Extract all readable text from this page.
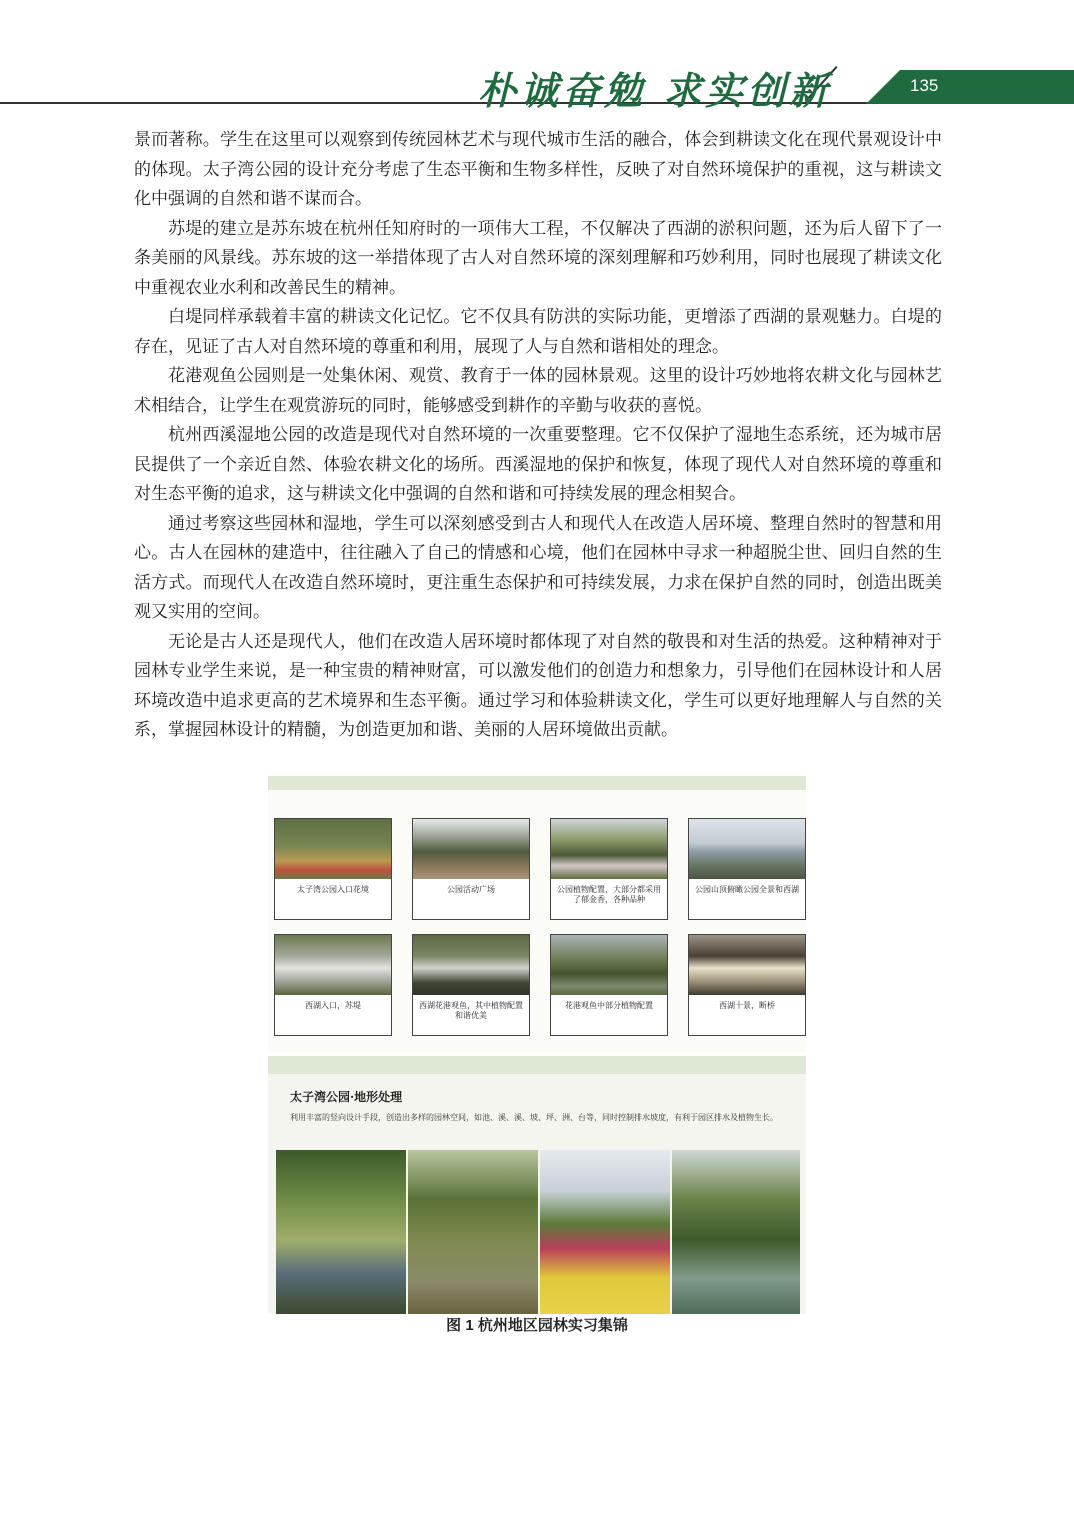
朴诚奋勉 求实创新	135

景而著称。学生在这里可以观察到传统园林艺术与现代城市生活的融合，体会到耕读文化在现代景观设计中的体现。太子湾公园的设计充分考虑了生态平衡和生物多样性，反映了对自然环境保护的重视，这与耕读文化中强调的自然和谐不谋而合。

苏堤的建立是苏东坡在杭州任知府时的一项伟大工程，不仅解决了西湖的淤积问题，还为后人留下了一条美丽的风景线。苏东坡的这一举措体现了古人对自然环境的深刻理解和巧妙利用，同时也展现了耕读文化中重视农业水利和改善民生的精神。

白堤同样承载着丰富的耕读文化记忆。它不仅具有防洪的实际功能，更增添了西湖的景观魅力。白堤的存在，见证了古人对自然环境的尊重和利用，展现了人与自然和谐相处的理念。

花港观鱼公园则是一处集休闲、观赏、教育于一体的园林景观。这里的设计巧妙地将农耕文化与园林艺术相结合，让学生在观赏游玩的同时，能够感受到耕作的辛勤与收获的喜悦。

杭州西溪湿地公园的改造是现代对自然环境的一次重要整理。它不仅保护了湿地生态系统，还为城市居民提供了一个亲近自然、体验农耕文化的场所。西溪湿地的保护和恢复，体现了现代人对自然环境的尊重和对生态平衡的追求，这与耕读文化中强调的自然和谐和可持续发展的理念相契合。

通过考察这些园林和湿地，学生可以深刻感受到古人和现代人在改造人居环境、整理自然时的智慧和用心。古人在园林的建造中，往往融入了自己的情感和心境，他们在园林中寻求一种超脱尘世、回归自然的生活方式。而现代人在改造自然环境时，更注重生态保护和可持续发展，力求在保护自然的同时，创造出既美观又实用的空间。

无论是古人还是现代人，他们在改造人居环境时都体现了对自然的敬畏和对生活的热爱。这种精神对于园林专业学生来说，是一种宝贵的精神财富，可以激发他们的创造力和想象力，引导他们在园林设计和人居环境改造中追求更高的艺术境界和生态平衡。通过学习和体验耕读文化，学生可以更好地理解人与自然的关系，掌握园林设计的精髓，为创造更加和谐、美丽的人居环境做出贡献。

太子湾公园入口花境	公园活动广场	公园植物配置，大部分都采用了郁金香，各种品种
公园山顶俯瞰公园全景和西湖
西湖入口，苏堤	西湖花港观鱼，其中植物配置和谐优美
花港观鱼中部分植物配置	西湖十景，断桥
太子湾公园·地形处理
利用丰富的竖向设计手段，创造出多样的园林空间，如池、溪、溪、坡、坪、洲、台等，同时控制排水坡度，有利于园区排水及植物生长。
图 1 杭州地区园林实习集锦
